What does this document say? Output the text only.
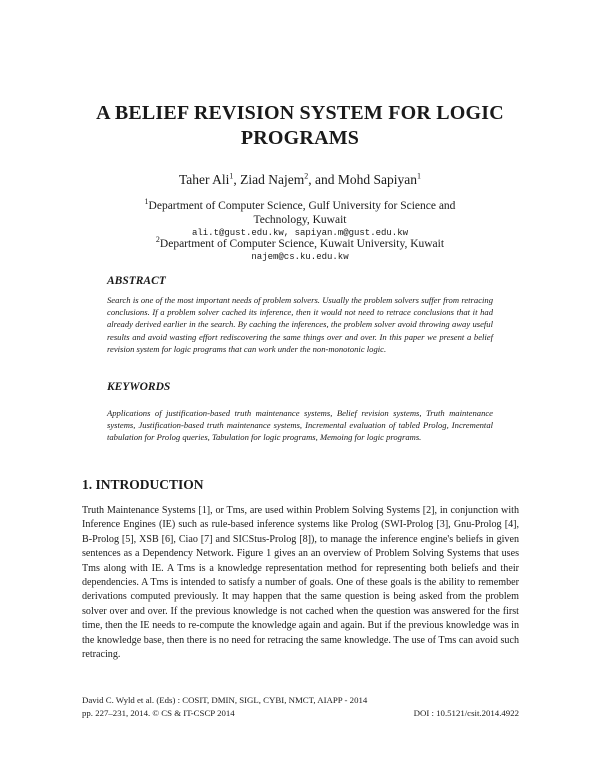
A BELIEF REVISION SYSTEM FOR LOGIC
PROGRAMS
Taher Ali$^1$, Ziad Najem$^2$, and Mohd Sapiyan$^1$
$^1$Department of Computer Science, Gulf University for Science and
Technology, Kuwait
ali.t@gust.edu.kw, sapiyan.m@gust.edu.kw
$^2$Department of Computer Science, Kuwait University, Kuwait
najem@cs.ku.edu.kw
ABSTRACT
Search is one of the most important needs of problem solvers. Usually the problem solvers suffer from retracing conclusions. If a problem solver cached its inference, then it would not need to retrace conclusions that it had already derived earlier in the search. By caching the inferences, the problem solver avoid throwing away useful results and avoid wasting effort rediscovering the same things over and over. In this paper we present a belief revision system for logic programs that can work under the non-monotonic logic.
KEYWORDS
Applications of justification-based truth maintenance systems, Belief revision systems, Truth maintenance systems, Justification-based truth maintenance systems, Incremental evaluation of tabled Prolog, Incremental tabulation for Prolog queries, Tabulation for logic programs, Memoing for logic programs.
1. INTRODUCTION
Truth Maintenance Systems [1], or Tms, are used within Problem Solving Systems [2], in conjunction with Inference Engines (IE) such as rule-based inference systems like Prolog (SWI-Prolog [3], Gnu-Prolog [4], B-Prolog [5], XSB [6], Ciao [7] and SICStus-Prolog [8]), to manage the inference engine's beliefs in given sentences as a Dependency Network. Figure 1 gives an an overview of Problem Solving Systems that uses Tms along with IE. A Tms is a knowledge representation method for representing both beliefs and their dependencies. A Tms is intended to satisfy a number of goals. One of these goals is the ability to remember derivations computed previously. It may happen that the same question is being asked from the problem solver over and over. If the previous knowledge is not cached when the question was answered for the first time, then the IE needs to re-compute the knowledge again and again. But if the previous knowledge was in the knowledge base, then there is no need for retracing the same knowledge. The use of Tms can avoid such retracing.
David C. Wyld et al. (Eds) : COSIT, DMIN, SIGL, CYBI, NMCT, AIAPP - 2014
pp. 227–231, 2014. © CS & IT-CSCP 2014	DOI : 10.5121/csit.2014.4922
